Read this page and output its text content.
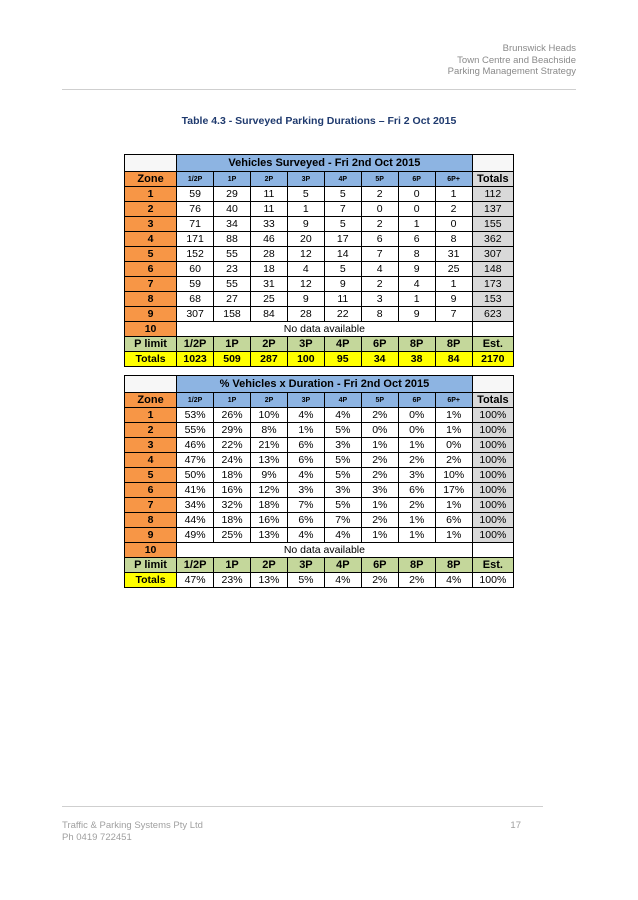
Brunswick Heads
Town Centre and Beachside
Parking Management Strategy
Table 4.3 - Surveyed Parking Durations – Fri 2 Oct 2015
	Vehicles Surveyed - Fri 2nd Oct 2015								
Zone	1/2P	1P	2P	3P	4P	5P	6P	6P+	Totals
1	59	29	11	5	5	2	0	1	112
2	76	40	11	1	7	0	0	2	137
3	71	34	33	9	5	2	1	0	155
4	171	88	46	20	17	6	6	8	362
5	152	55	28	12	14	7	8	31	307
6	60	23	18	4	5	4	9	25	148
7	59	55	31	12	9	2	4	1	173
8	68	27	25	9	11	3	1	9	153
9	307	158	84	28	22	8	9	7	623
10	No data available								
P limit	1/2P	1P	2P	3P	4P	6P	8P	8P	Est.
Totals	1023	509	287	100	95	34	38	84	2170
	% Vehicles x Duration - Fri 2nd Oct 2015								
Zone	1/2P	1P	2P	3P	4P	5P	6P	6P+	Totals
1	53%	26%	10%	4%	4%	2%	0%	1%	100%
2	55%	29%	8%	1%	5%	0%	0%	1%	100%
3	46%	22%	21%	6%	3%	1%	1%	0%	100%
4	47%	24%	13%	6%	5%	2%	2%	2%	100%
5	50%	18%	9%	4%	5%	2%	3%	10%	100%
6	41%	16%	12%	3%	3%	3%	6%	17%	100%
7	34%	32%	18%	7%	5%	1%	2%	1%	100%
8	44%	18%	16%	6%	7%	2%	1%	6%	100%
9	49%	25%	13%	4%	4%	1%	1%	1%	100%
10	No data available								
P limit	1/2P	1P	2P	3P	4P	6P	8P	8P	Est.
Totals	47%	23%	13%	5%	4%	2%	2%	4%	100%
Traffic & Parking Systems Pty Ltd
Ph 0419 722451
17
